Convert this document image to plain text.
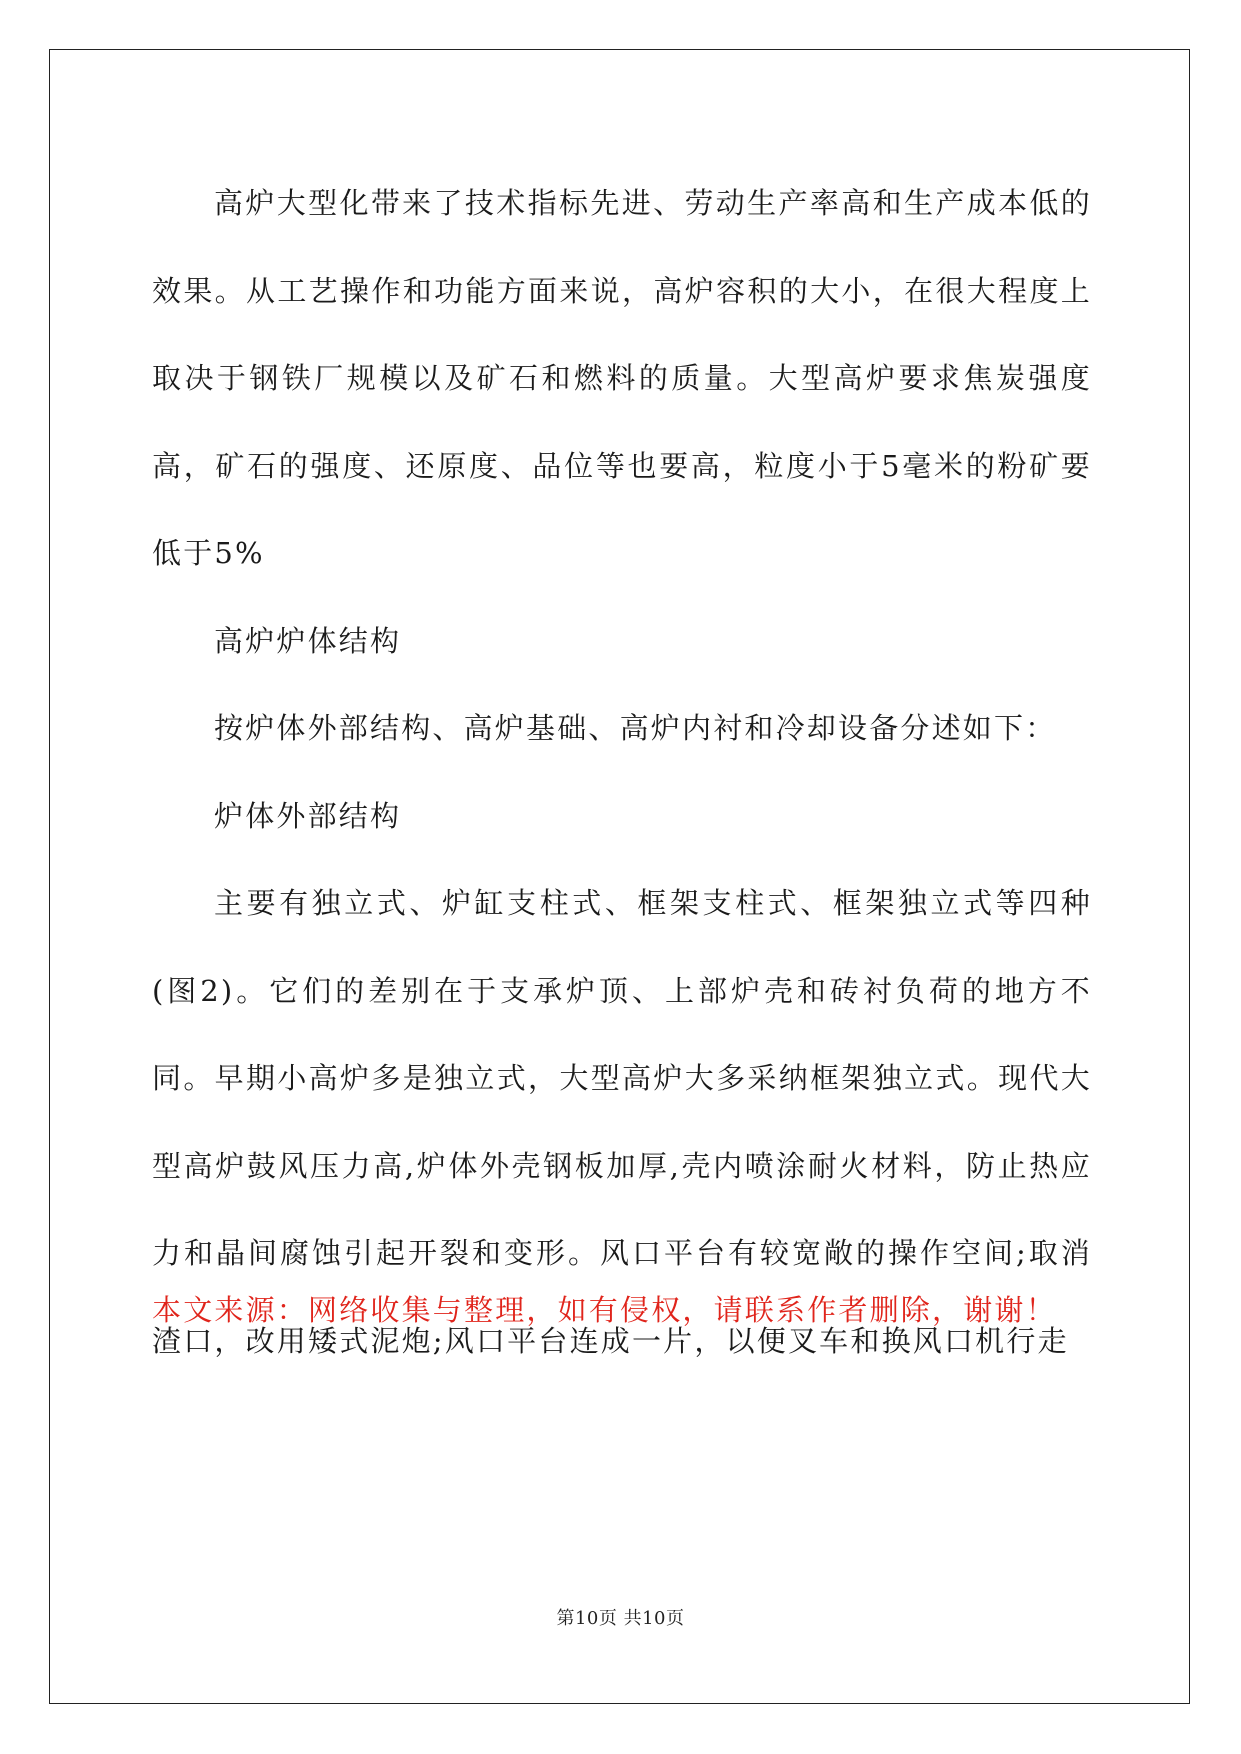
高炉大型化带来了技术指标先进、劳动生产率高和生产成本低的效果。从工艺操作和功能方面来说，高炉容积的大小，在很大程度上取决于钢铁厂规模以及矿石和燃料的质量。大型高炉要求焦炭强度高，矿石的强度、还原度、品位等也要高，粒度小于5毫米的粉矿要低于5%

高炉炉体结构

按炉体外部结构、高炉基础、高炉内衬和冷却设备分述如下：

炉体外部结构

主要有独立式、炉缸支柱式、框架支柱式、框架独立式等四种(图2)。它们的差别在于支承炉顶、上部炉壳和砖衬负荷的地方不同。早期小高炉多是独立式，大型高炉大多采纳框架独立式。现代大型高炉鼓风压力高,炉体外壳钢板加厚,壳内喷涂耐火材料，防止热应力和晶间腐蚀引起开裂和变形。风口平台有较宽敞的操作空间;取消渣口，改用矮式泥炮;风口平台连成一片，以便叉车和换风口机行走

本文来源：网络收集与整理，如有侵权，请联系作者删除，谢谢！

第10页 共10页
